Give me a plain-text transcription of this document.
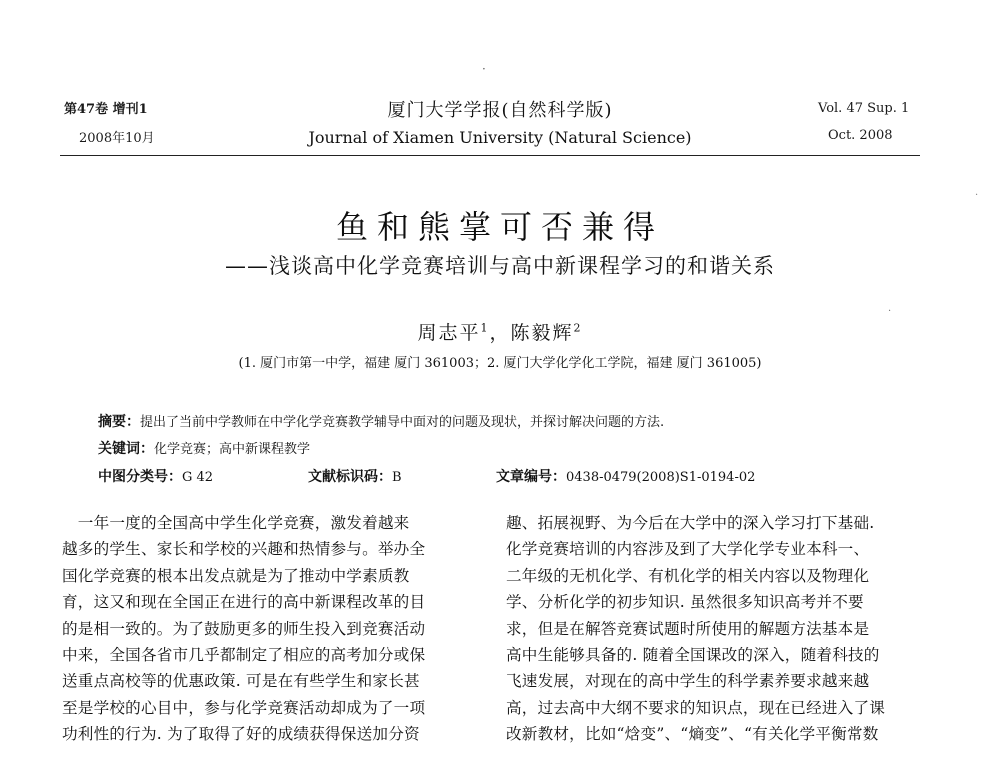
·
·
·
第47卷 增刊1
2008年10月
厦门大学学报(自然科学版)
Journal of Xiamen University (Natural Science)
Vol. 47 Sup. 1
Oct. 2008
鱼和熊掌可否兼得
——浅谈高中化学竞赛培训与高中新课程学习的和谐关系
周志平$^1$，陈毅辉$^2$
(1. 厦门市第一中学，福建 厦门 361003；2. 厦门大学化学化工学院，福建 厦门 361005)
摘要：提出了当前中学教师在中学化学竞赛教学辅导中面对的问题及现状，并探讨解决问题的方法.
关键词：化学竞赛；高中新课程教学
中图分类号：G 42	文献标识码：B	文章编号：0438-0479(2008)S1-0194-02

　一年一度的全国高中学生化学竞赛，激发着越来

越多的学生、家长和学校的兴趣和热情参与。举办全

国化学竞赛的根本出发点就是为了推动中学素质教

育，这又和现在全国正在进行的高中新课程改革的目

的是相一致的。为了鼓励更多的师生投入到竞赛活动

中来，全国各省市几乎都制定了相应的高考加分或保

送重点高校等的优惠政策. 可是在有些学生和家长甚

至是学校的心目中，参与化学竞赛活动却成为了一项

功利性的行为. 为了取得了好的成绩获得保送加分资

趣、拓展视野、为今后在大学中的深入学习打下基础.

化学竞赛培训的内容涉及到了大学化学专业本科一、

二年级的无机化学、有机化学的相关内容以及物理化

学、分析化学的初步知识. 虽然很多知识高考并不要

求，但是在解答竞赛试题时所使用的解题方法基本是

高中生能够具备的. 随着全国课改的深入，随着科技的

飞速发展，对现在的高中学生的科学素养要求越来越

高，过去高中大纲不要求的知识点，现在已经进入了课

改新教材，比如“焓变”、“熵变”、“有关化学平衡常数
